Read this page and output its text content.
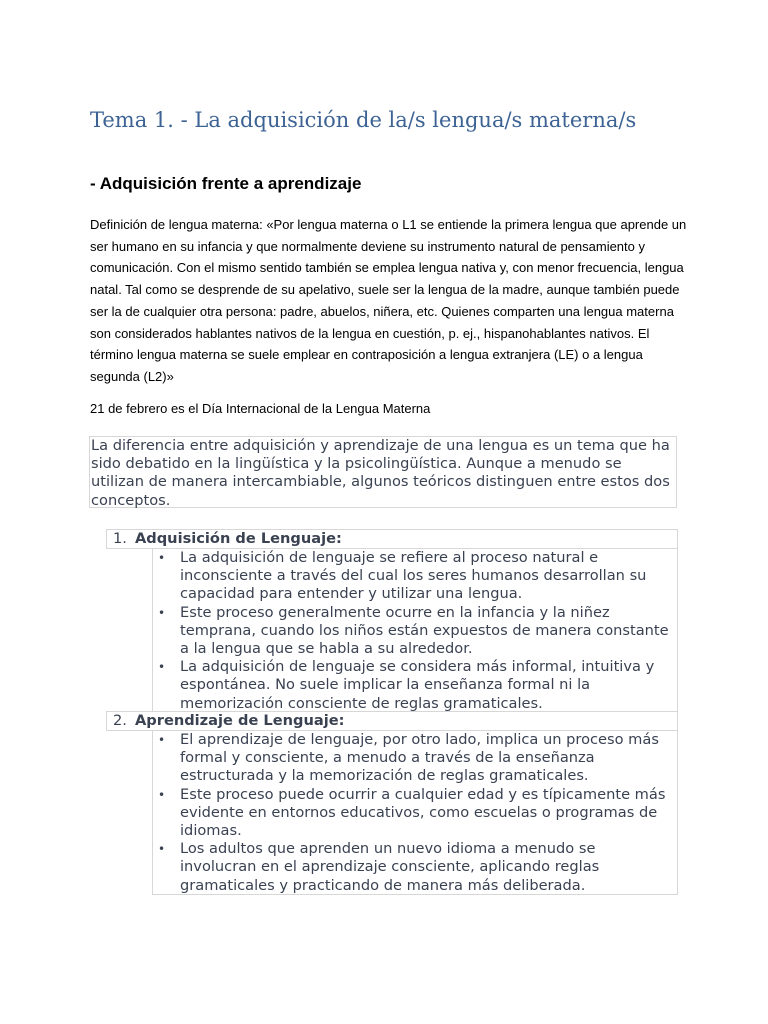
Tema 1. - La adquisición de la/s lengua/s materna/s
- Adquisición frente a aprendizaje

Definición de lengua materna: «Por lengua materna o L1 se entiende la primera lengua que aprende un ser humano en su infancia y que normalmente deviene su instrumento natural de pensamiento y comunicación. Con el mismo sentido también se emplea lengua nativa y, con menor frecuencia, lengua natal. Tal como se desprende de su apelativo, suele ser la lengua de la madre, aunque también puede ser la de cualquier otra persona: padre, abuelos, niñera, etc. Quienes comparten una lengua materna son considerados hablantes nativos de la lengua en cuestión, p. ej., hispanohablantes nativos. El término lengua materna se suele emplear en contraposición a lengua extranjera (LE) o a lengua segunda (L2)»

21 de febrero es el Día Internacional de la Lengua Materna

La diferencia entre adquisición y aprendizaje de una lengua es un tema que ha sido debatido en la lingüística y la psicolingüística. Aunque a menudo se utilizan de manera intercambiable, algunos teóricos distinguen entre estos dos conceptos.

1. Adquisición de Lenguaje:
• La adquisición de lenguaje se refiere al proceso natural e inconsciente a través del cual los seres humanos desarrollan su capacidad para entender y utilizar una lengua.
• Este proceso generalmente ocurre en la infancia y la niñez temprana, cuando los niños están expuestos de manera constante a la lengua que se habla a su alrededor.
• La adquisición de lenguaje se considera más informal, intuitiva y espontánea. No suele implicar la enseñanza formal ni la memorización consciente de reglas gramaticales.
2. Aprendizaje de Lenguaje:
• El aprendizaje de lenguaje, por otro lado, implica un proceso más formal y consciente, a menudo a través de la enseñanza estructurada y la memorización de reglas gramaticales.
• Este proceso puede ocurrir a cualquier edad y es típicamente más evidente en entornos educativos, como escuelas o programas de idiomas.
• Los adultos que aprenden un nuevo idioma a menudo se involucran en el aprendizaje consciente, aplicando reglas gramaticales y practicando de manera más deliberada.
